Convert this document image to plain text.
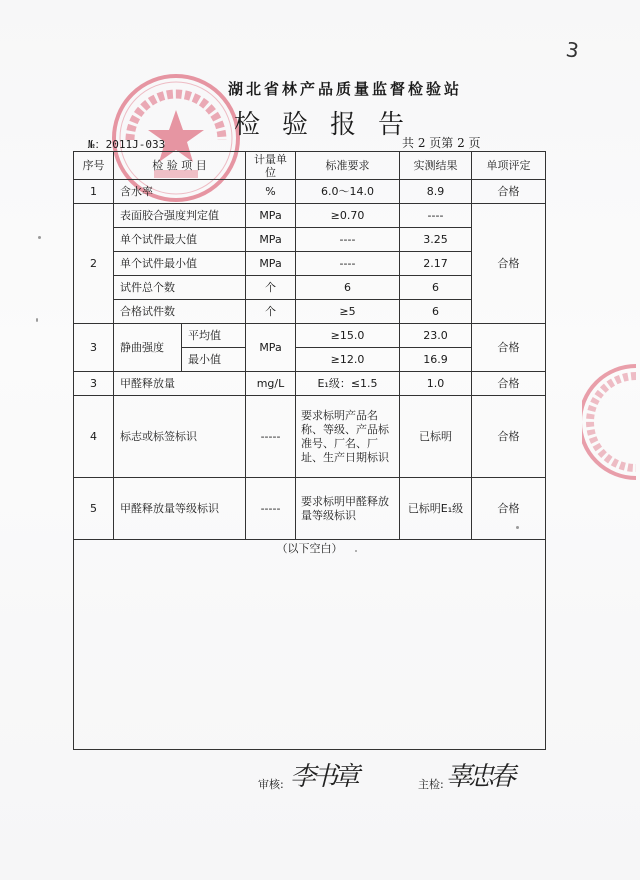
3
湖北省林产品质量监督检验站
检验报告
№：2011J-033	共 2 页第 2 页
序号	检 验 项 目		计量单位	标准要求	实测结果	单项评定
1	含水率		%	6.0～14.0	8.9	合格
2	表面胶合强度判定值		MPa	≥0.70	----	合格
	单个试件最大值		MPa	----	3.25	
	单个试件最小值		MPa	----	2.17	
	试件总个数		个	6	6	
	合格试件数		个	≥5	6	
3	静曲强度	平均值	MPa	≥15.0	23.0	合格
		最小值		≥12.0	16.9	
3	甲醛释放量		mg/L	E₁级：≤1.5	1.0	合格
4	标志或标签标识		-----	要求标明产品名称、等级、产品标准号、厂名、厂址、生产日期标识	已标明	合格
5	甲醛释放量等级标识		-----	要求标明甲醛释放量等级标识	已标明E₁级	合格
（以下空白）						
审核: 李书章	主检: 辜忠春
